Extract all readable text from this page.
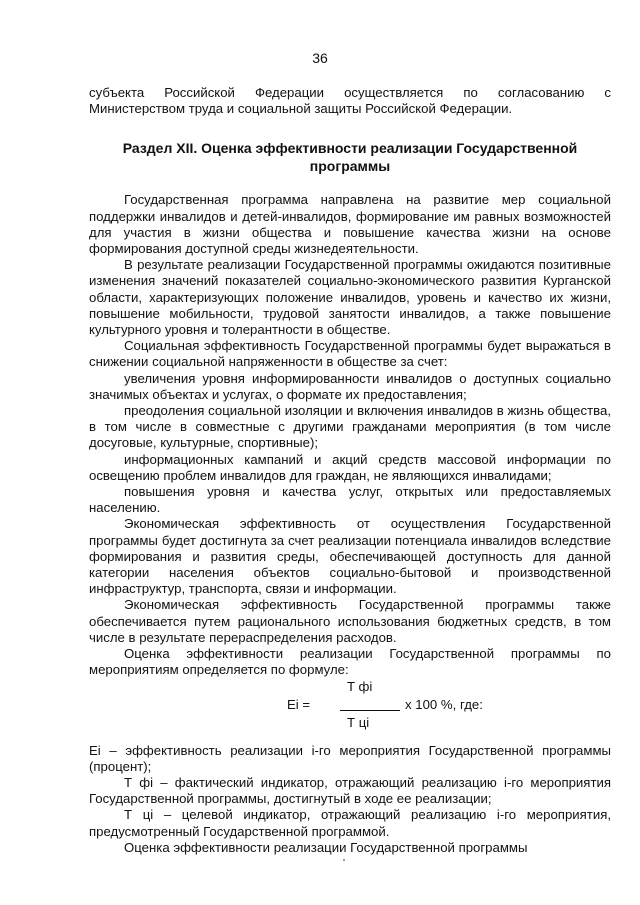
36

субъекта Российской Федерации осуществляется по согласованию с Министерством труда и социальной защиты Российской Федерации.

Раздел XII. Оценка эффективности реализации Государственной программы

Государственная программа направлена на развитие мер социальной поддержки инвалидов и детей-инвалидов, формирование им равных возможностей для участия в жизни общества и повышение качества жизни на основе формирования доступной среды жизнедеятельности.

В результате реализации Государственной программы ожидаются позитивные изменения значений показателей социально-экономического развития Курганской области, характеризующих положение инвалидов, уровень и качество их жизни, повышение мобильности, трудовой занятости инвалидов, а также повышение культурного уровня и толерантности в обществе.

Социальная эффективность Государственной программы будет выражаться в снижении социальной напряженности в обществе за счет:

увеличения уровня информированности инвалидов о доступных социально значимых объектах и услугах, о формате их предоставления;

преодоления социальной изоляции и включения инвалидов в жизнь общества, в том числе в совместные с другими гражданами мероприятия (в том числе досуговые, культурные, спортивные);

информационных кампаний и акций средств массовой информации по освещению проблем инвалидов для граждан, не являющихся инвалидами;

повышения уровня и качества услуг, открытых или предоставляемых населению.

Экономическая эффективность от осуществления Государственной программы будет достигнута за счет реализации потенциала инвалидов вследствие формирования и развития среды, обеспечивающей доступность для данной категории населения объектов социально-бытовой и производственной инфраструктур, транспорта, связи и информации.

Экономическая эффективность Государственной программы также обеспечивается путем рационального использования бюджетных средств, в том числе в результате перераспределения расходов.

Оценка эффективности реализации Государственной программы по мероприятиям определяется по формуле:

T фi
Еi =	x 100 %, где:
Т цi

Еi – эффективность реализации i-го мероприятия Государственной программы (процент);

Т фi – фактический индикатор, отражающий реализацию i-го мероприятия Государственной программы, достигнутый в ходе ее реализации;

Т цi – целевой индикатор, отражающий реализацию i-го мероприятия, предусмотренный Государственной программой.

Оценка эффективности реализации Государственной программы
